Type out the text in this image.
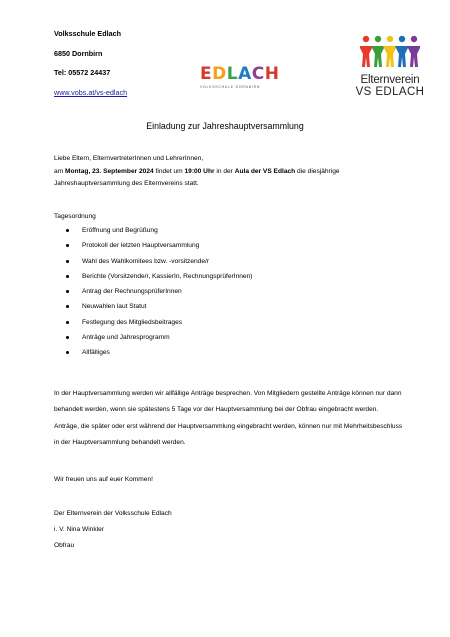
Volksschule Edlach
6850 Dornbirn
Tel: 05572 24437
www.vobs.at/vs-edlach
EDLACH
VOLKSSCHULE DORNBIRN
Elternverein
VS EDLACH
Einladung zur Jahreshauptversammlung

Liebe Eltern, ElternvertreterInnen und LehrerInnen,

am Montag, 23. September 2024 findet um 19:00 Uhr in der Aula der VS Edlach die diesjährige

Jahreshauptversammlung des Elternvereins statt.

Tagesordnung
Eröffnung und Begrüßung
Protokoll der letzten Hauptversammlung
Wahl des Wahlkomitees bzw. -vorsitzende/r
Berichte (Vorsitzende/r, KassierIn, RechnungsprüferInnen)
Antrag der RechnungsprüferInnen
Neuwahlen laut Statut
Festlegung des Mitgliedsbeitrages
Anträge und Jahresprogramm
Allfälliges
In der Hauptversammlung werden wir allfällige Anträge besprechen. Von Mitgliedern gestellte Anträge können nur dann behandelt werden, wenn sie spätestens 5 Tage vor der Hauptversammlung bei der Obfrau eingebracht werden. Anträge, die später oder erst während der Hauptversammlung eingebracht werden, können nur mit Mehrheitsbeschluss in der Hauptversammlung behandelt werden.
Wir freuen uns auf euer Kommen!
Der Elternverein der Volksschule Edlach
i. V. Nina Winkler
Obfrau
